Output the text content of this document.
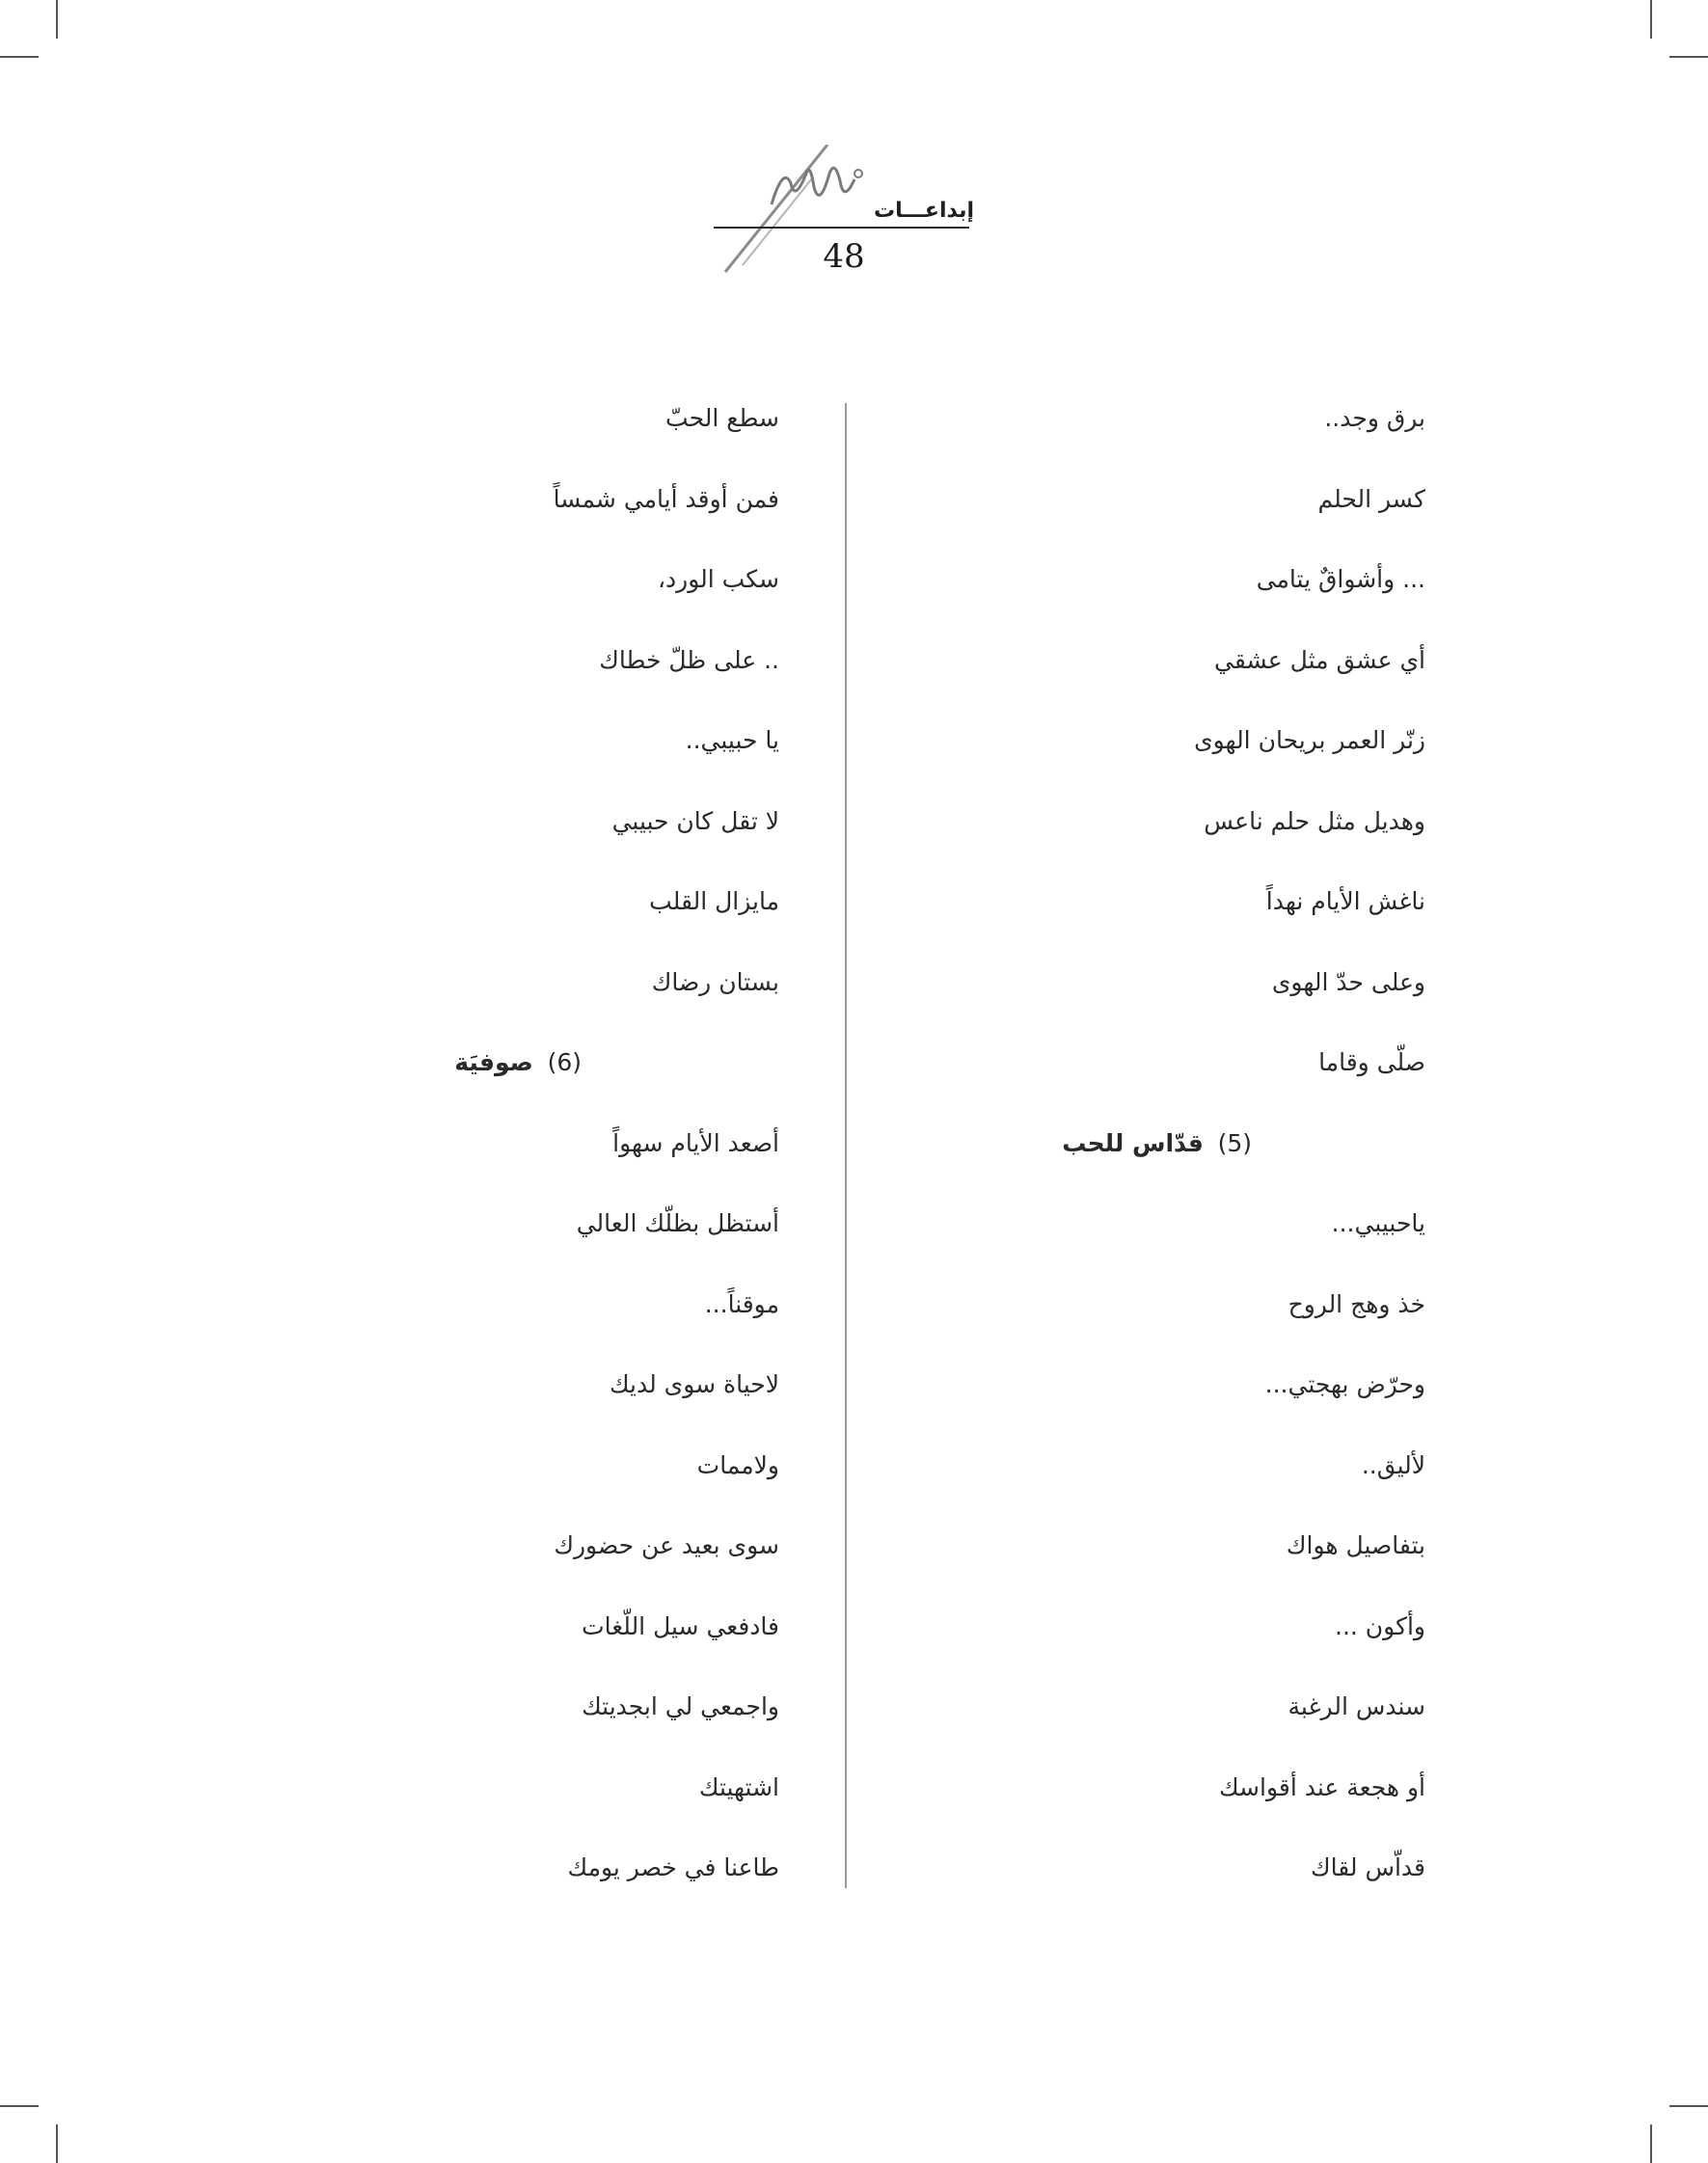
إبداعـــات
48
برق وجد..
كسر الحلم
... وأشواقٌ يتامى
أي عشق مثل عشقي
زنّر العمر بريحان الهوى
وهديل مثل حلم ناعس
ناغش الأيام نهداً
وعلى حدّ الهوى
صلّى وقاما
(5) قدّاس للحب
ياحبيبي...
خذ وهج الروح
وحرّض بهجتي...
لأليق..
بتفاصيل هواك
وأكون ...
سندس الرغبة
أو هجعة عند أقواسك
قداّس لقاك
سطع الحبّ
فمن أوقد أيامي شمساً
سكب الورد،
.. على ظلّ خطاك
يا حبيبي..
لا تقل كان حبيبي
مايزال القلب
بستان رضاك
(6) صوفيَة
أصعد الأيام سهواً
أستظل بظلّك العالي
موقناً...
لاحياة سوى لديك
ولاممات
سوى بعيد عن حضورك
فادفعي سيل اللّغات
واجمعي لي ابجديتك
اشتهيتك
طاعنا في خصر يومك
